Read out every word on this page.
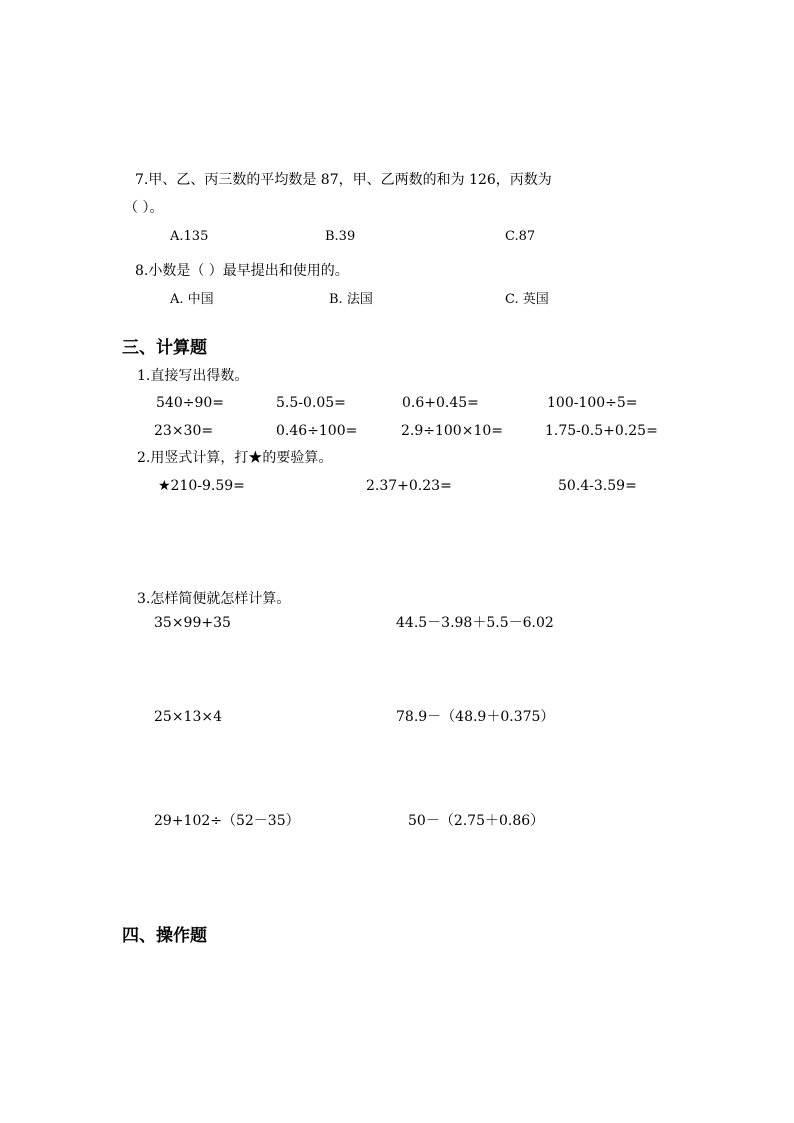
7.甲、乙、丙三数的平均数是 87，甲、乙两数的和为 126，丙数为
（ ）。
A.135	B.39	C.87
8.小数是（ ）最早提出和使用的。
A. 中国	B. 法国	C. 英国
三、计算题
1.直接写出得数。
540÷90=	5.5-0.05=	0.6+0.45=	100-100÷5=
23×30=	0.46÷100=	2.9÷100×10=	1.75-0.5+0.25=
2.用竖式计算，打★的要验算。
★210-9.59=	2.37+0.23=	50.4-3.59=
3.怎样简便就怎样计算。
35×99+35	44.5－3.98＋5.5－6.02
25×13×4	78.9－（48.9＋0.375）
29+102÷（52－35）	50－（2.75＋0.86）
四、操作题
